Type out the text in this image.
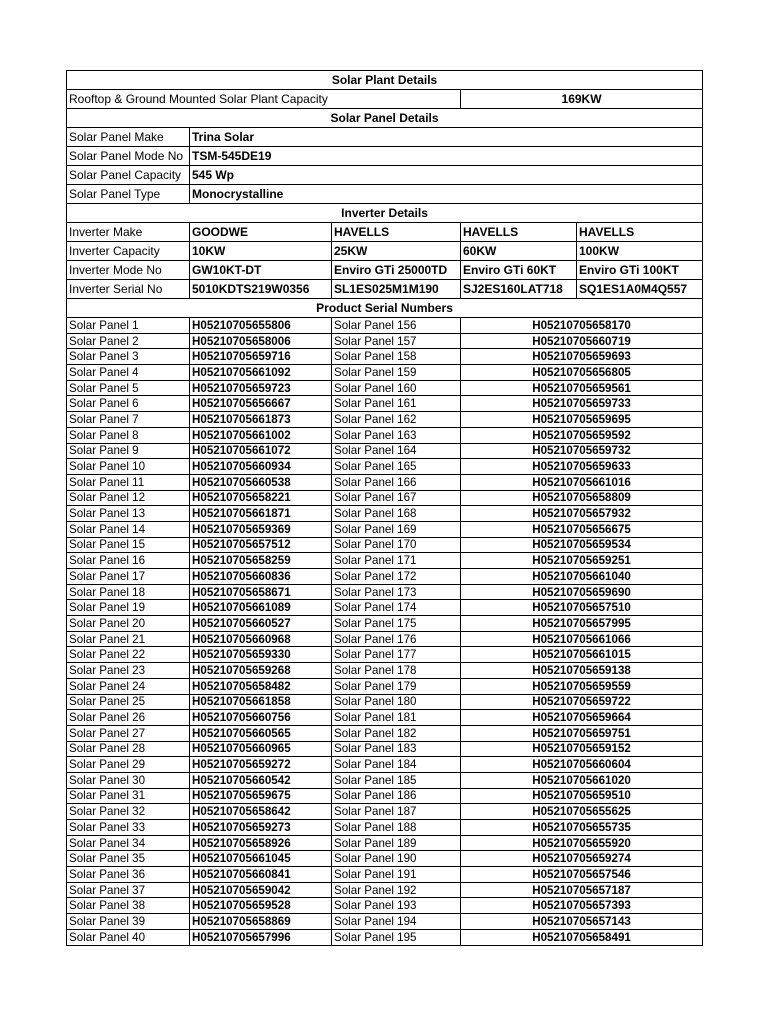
Solar Plant Details				
Rooftop & Ground Mounted Solar Plant Capacity			169KW	
Solar Panel Details				
Solar Panel Make	Trina Solar			
Solar Panel Mode No	TSM-545DE19			
Solar Panel Capacity	545 Wp			
Solar Panel Type	Monocrystalline			
Inverter Details				
Inverter Make	GOODWE	HAVELLS	HAVELLS	HAVELLS
Inverter Capacity	10KW	25KW	60KW	100KW
Inverter Mode No	GW10KT-DT	Enviro GTi 25000TD	Enviro GTi 60KT	Enviro GTi 100KT
Inverter Serial No	5010KDTS219W0356	SL1ES025M1M190	SJ2ES160LAT718	SQ1ES1A0M4Q557
Product Serial Numbers				
Solar Panel 1	H05210705655806	Solar Panel 156	H05210705658170	
Solar Panel 2	H05210705658006	Solar Panel 157	H05210705660719	
Solar Panel 3	H05210705659716	Solar Panel 158	H05210705659693	
Solar Panel 4	H05210705661092	Solar Panel 159	H05210705656805	
Solar Panel 5	H05210705659723	Solar Panel 160	H05210705659561	
Solar Panel 6	H05210705656667	Solar Panel 161	H05210705659733	
Solar Panel 7	H05210705661873	Solar Panel 162	H05210705659695	
Solar Panel 8	H05210705661002	Solar Panel 163	H05210705659592	
Solar Panel 9	H05210705661072	Solar Panel 164	H05210705659732	
Solar Panel 10	H05210705660934	Solar Panel 165	H05210705659633	
Solar Panel 11	H05210705660538	Solar Panel 166	H05210705661016	
Solar Panel 12	H05210705658221	Solar Panel 167	H05210705658809	
Solar Panel 13	H05210705661871	Solar Panel 168	H05210705657932	
Solar Panel 14	H05210705659369	Solar Panel 169	H05210705656675	
Solar Panel 15	H05210705657512	Solar Panel 170	H05210705659534	
Solar Panel 16	H05210705658259	Solar Panel 171	H05210705659251	
Solar Panel 17	H05210705660836	Solar Panel 172	H05210705661040	
Solar Panel 18	H05210705658671	Solar Panel 173	H05210705659690	
Solar Panel 19	H05210705661089	Solar Panel 174	H05210705657510	
Solar Panel 20	H05210705660527	Solar Panel 175	H05210705657995	
Solar Panel 21	H05210705660968	Solar Panel 176	H05210705661066	
Solar Panel 22	H05210705659330	Solar Panel 177	H05210705661015	
Solar Panel 23	H05210705659268	Solar Panel 178	H05210705659138	
Solar Panel 24	H05210705658482	Solar Panel 179	H05210705659559	
Solar Panel 25	H05210705661858	Solar Panel 180	H05210705659722	
Solar Panel 26	H05210705660756	Solar Panel 181	H05210705659664	
Solar Panel 27	H05210705660565	Solar Panel 182	H05210705659751	
Solar Panel 28	H05210705660965	Solar Panel 183	H05210705659152	
Solar Panel 29	H05210705659272	Solar Panel 184	H05210705660604	
Solar Panel 30	H05210705660542	Solar Panel 185	H05210705661020	
Solar Panel 31	H05210705659675	Solar Panel 186	H05210705659510	
Solar Panel 32	H05210705658642	Solar Panel 187	H05210705655625	
Solar Panel 33	H05210705659273	Solar Panel 188	H05210705655735	
Solar Panel 34	H05210705658926	Solar Panel 189	H05210705655920	
Solar Panel 35	H05210705661045	Solar Panel 190	H05210705659274	
Solar Panel 36	H05210705660841	Solar Panel 191	H05210705657546	
Solar Panel 37	H05210705659042	Solar Panel 192	H05210705657187	
Solar Panel 38	H05210705659528	Solar Panel 193	H05210705657393	
Solar Panel 39	H05210705658869	Solar Panel 194	H05210705657143	
Solar Panel 40	H05210705657996	Solar Panel 195	H05210705658491	
